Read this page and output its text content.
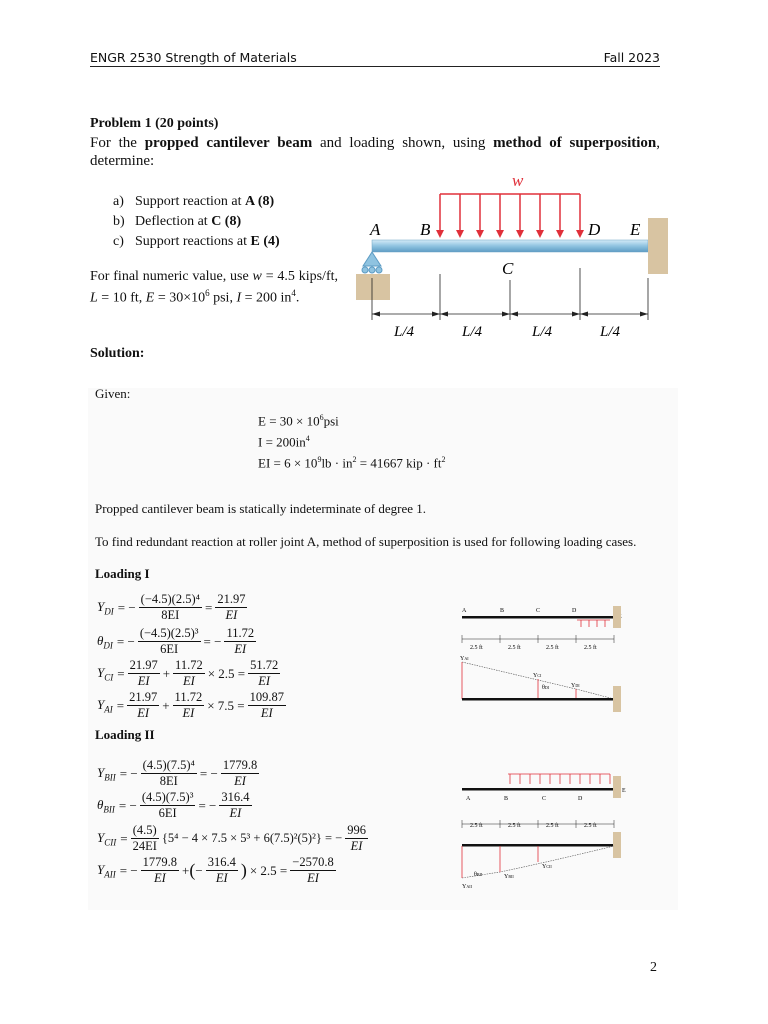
ENGR 2530 Strength of Materials	Fall 2023
Problem 1 (20 points)
For the propped cantilever beam and loading shown, using method of superposition, determine:
a) Support reaction at A (8)
b) Deflection at C (8)
c) Support reactions at E (4)
For final numeric value, use w = 4.5 kips/ft, L = 10 ft, $E = 30\times 10^6$ psi, I = 200 $in^4$.
w
A B
C
D E
L/4	L/4	L/4	L/4
Solution:
Given:
$E = 30 \times 10^6psi$
$I = 200in^4$
EI = $6 \times 10^9lb \cdot in^2 = 41667$ kip · $ft^2$
Propped cantilever beam is statically indeterminate of degree 1.
To find redundant reaction at roller joint A, method of superposition is used for following loading cases.
Loading I
$Y_{DI}$ = −
(−4.5)(2.5)⁴
8EI
=
21.97
EI
$\theta_{DI}$ = −
(−4.5)(2.5)³
6EI
= −
11.72
EI
$Y_{CI}$ =
21.97
EI
+ $\frac{11.72}{EI} \times 2.5 = \frac{51.72}{EI}$
$Y_{AI}$ =
21.97
EI
+ $\frac{11.72}{EI} \times 7.5 = \frac{109.87}{EI}$
Loading II
$Y_{BII}$ = −
(4.5)(7.5)⁴
8EI
= −
1779.8
EI
$\theta_{BII}$ = −
(4.5)(7.5)³
6EI
= −
316.4
EI
$Y_{CII}$ =
(4.5)
24EI
{5⁴ − 4 × 7.5 × 5³ + 6(7.5)²(5)²} = − $\frac{996}{EI}$
$Y_{AII}$ = −
1779.8
EI
+ ( −
316.4
EI ) × $2.5 = \frac{-2570.8}{EI}$
A	B	C	D
2.5 ft	2.5 ft	2.5 ft	2.5 ft
YAI
YCI
θDI	YDI
A	B	C	D
E
2.5 ft	2.5 ft	2.5 ft	2.5 ft
θBII	YBII
YCII
YAII
2
